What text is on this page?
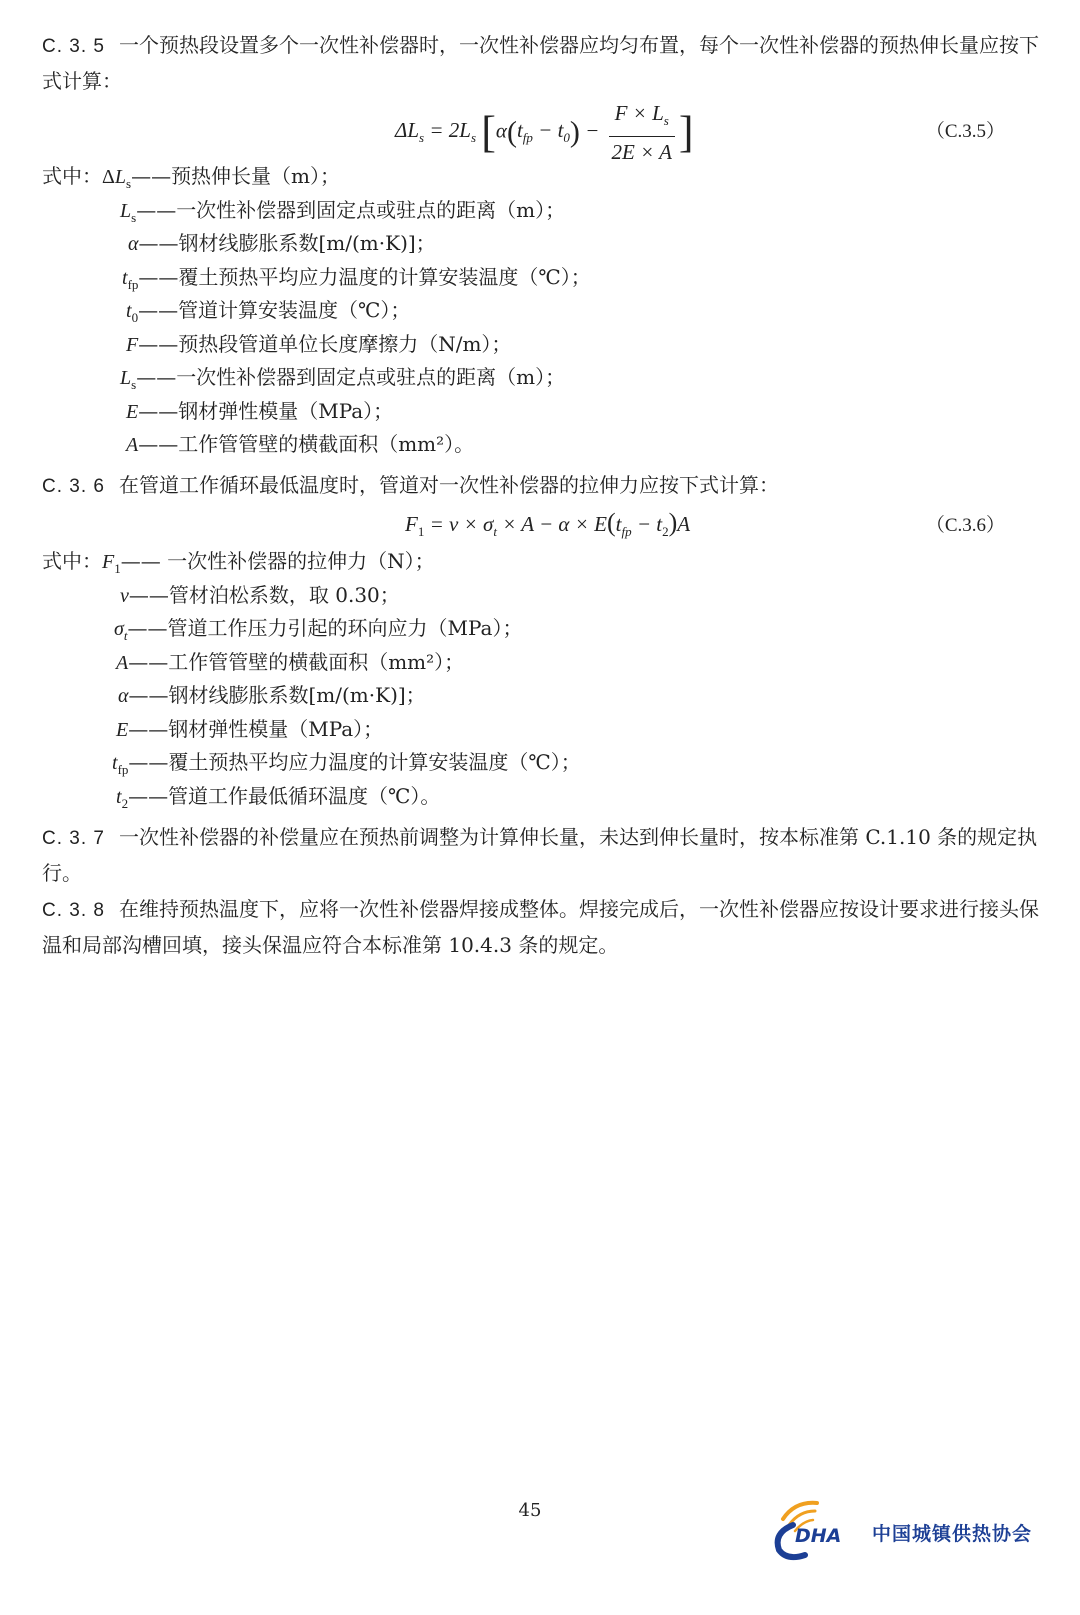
C. 3. 5 一个预热段设置多个一次性补偿器时，一次性补偿器应均匀布置，每个一次性补偿器的预热伸长量应按下式计算：
$\Delta L_s = 2L_s$ [$\alpha(t_{fp} - t_0) - \frac{F \times L_s}{2E \times A}$ ]	（C.3.5）
式中：$\Delta L_s——$预热伸长量（m）；
$L_s——$一次性补偿器到固定点或驻点的距离（m）；
α——钢材线膨胀系数[m/(m·K)]；
$t_{fp}——$覆土预热平均应力温度的计算安装温度（℃）；
$t_0——$管道计算安装温度（℃）；
F——预热段管道单位长度摩擦力（N/m）；
$L_s——$一次性补偿器到固定点或驻点的距离（m）；
E——钢材弹性模量（MPa）；
A——工作管管壁的横截面积（mm²）。
C. 3. 6 在管道工作循环最低温度时，管道对一次性补偿器的拉伸力应按下式计算：
$F_1 = \nu \times \sigma_t \times A - \alpha \times E(t_{fp} - t_2)A$	（C.3.6）
式中：$F_1——$ 一次性补偿器的拉伸力（N）；
ν——管材泊松系数，取 0.30；
$\sigma_t——$管道工作压力引起的环向应力（MPa）；
A——工作管管壁的横截面积（mm²）；
α——钢材线膨胀系数[m/(m·K)]；
E——钢材弹性模量（MPa）；
$t_{fp}——$覆土预热平均应力温度的计算安装温度（℃）；
$t_2——$管道工作最低循环温度（℃）。
C. 3. 7 一次性补偿器的补偿量应在预热前调整为计算伸长量，未达到伸长量时，按本标准第 C.1.10 条的规定执行。
C. 3. 8 在维持预热温度下，应将一次性补偿器焊接成整体。焊接完成后，一次性补偿器应按设计要求进行接头保温和局部沟槽回填，接头保温应符合本标准第 10.4.3 条的规定。
45
DHA 中国城镇供热协会
